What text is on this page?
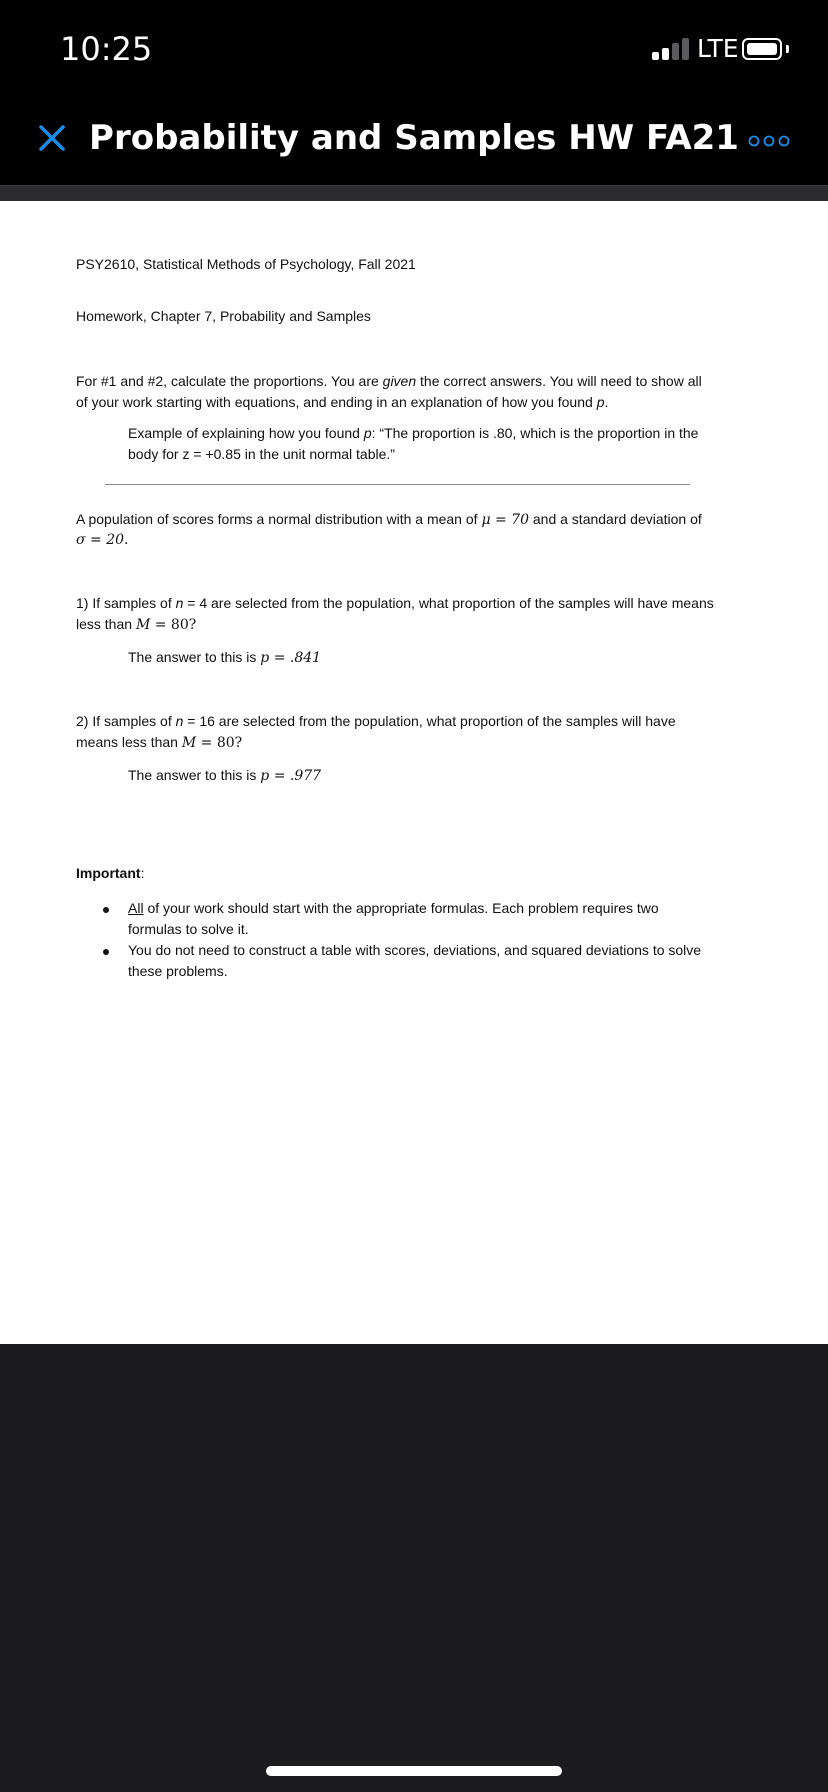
10:25	LTE
Probability and Samples HW FA21

PSY2610, Statistical Methods of Psychology, Fall 2021

Homework, Chapter 7, Probability and Samples

For #1 and #2, calculate the proportions. You are given the correct answers. You will need to show all

of your work starting with equations, and ending in an explanation of how you found p.

Example of explaining how you found p: “The proportion is .80, which is the proportion in the

body for z = +0.85 in the unit normal table.”

A population of scores forms a normal distribution with a mean of μ = 70 and a standard deviation of

σ = 20.

1) If samples of n = 4 are selected from the population, what proportion of the samples will have means

less than M = 80?

The answer to this is p = .841

2) If samples of n = 16 are selected from the population, what proportion of the samples will have

means less than M = 80?

The answer to this is p = .977

Important:

All of your work should start with the appropriate formulas. Each problem requires two

formulas to solve it.

You do not need to construct a table with scores, deviations, and squared deviations to solve

these problems.
